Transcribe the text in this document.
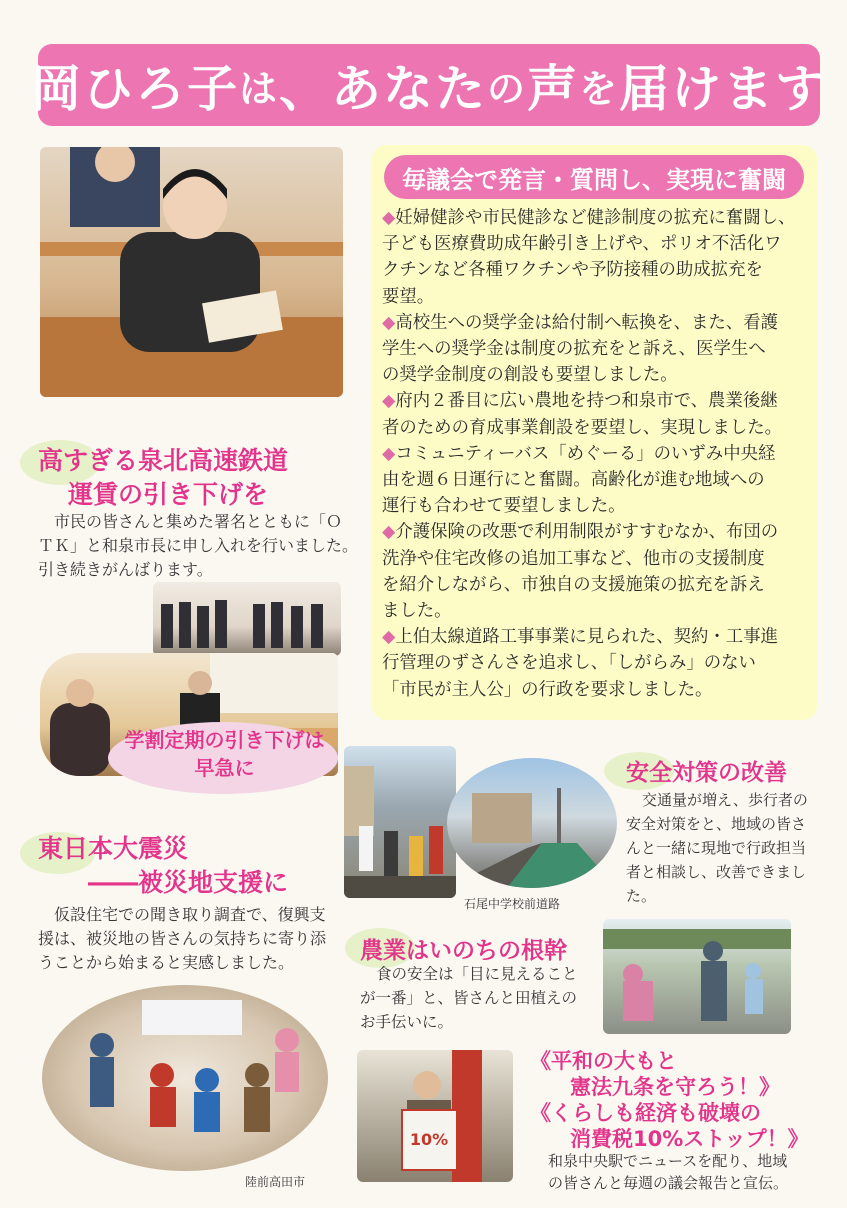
岡ひろ子 は 、あなた の 声 を 届けます
毎議会で発言・質問し、実現に奮闘
◆妊婦健診や市民健診など健診制度の拡充に奮闘し、
子ども医療費助成年齢引き上げや、ポリオ不活化ワ
クチンなど各種ワクチンや予防接種の助成拡充を
要望。
◆高校生への奨学金は給付制へ転換を、また、看護
学生への奨学金は制度の拡充をと訴え、医学生へ
の奨学金制度の創設も要望しました。
◆府内２番目に広い農地を持つ和泉市で、農業後継
者のための育成事業創設を要望し、実現しました。
◆コミュニティーバス「めぐーる」のいずみ中央経
由を週６日運行にと奮闘。高齢化が進む地域への
運行も合わせて要望しました。
◆介護保険の改悪で利用制限がすすむなか、布団の
洗浄や住宅改修の追加工事など、他市の支援制度
を紹介しながら、市独自の支援施策の拡充を訴え
ました。
◆上伯太線道路工事事業に見られた、契約・工事進
行管理のずさんさを追求し、「しがらみ」のない
「市民が主人公」の行政を要求しました。
高すぎる泉北高速鉄道
運賃の引き下げを
市民の皆さんと集めた署名とともに「Ｏ
ＴＫ」と和泉市長に申し入れを行いました。
引き続きがんばります。
学割定期の引き下げは
早急に
東日本大震災
――被災地支援に
仮設住宅での聞き取り調査で、復興支
援は、被災地の皆さんの気持ちに寄り添
うことから始まると実感しました。
陸前高田市
石尾中学校前道路
安全対策の改善
交通量が増え、歩行者の
安全対策をと、地域の皆さ
んと一緒に現地で行政担当
者と相談し、改善できまし
た。
農業はいのちの根幹
食の安全は「目に見えること
が一番」と、皆さんと田植えの
お手伝いに。
10%
《平和の大もと
憲法九条を守ろう！》
《くらしも経済も破壊の
消費税10%ストップ！》
和泉中央駅でニュースを配り、地域
の皆さんと毎週の議会報告と宣伝。
